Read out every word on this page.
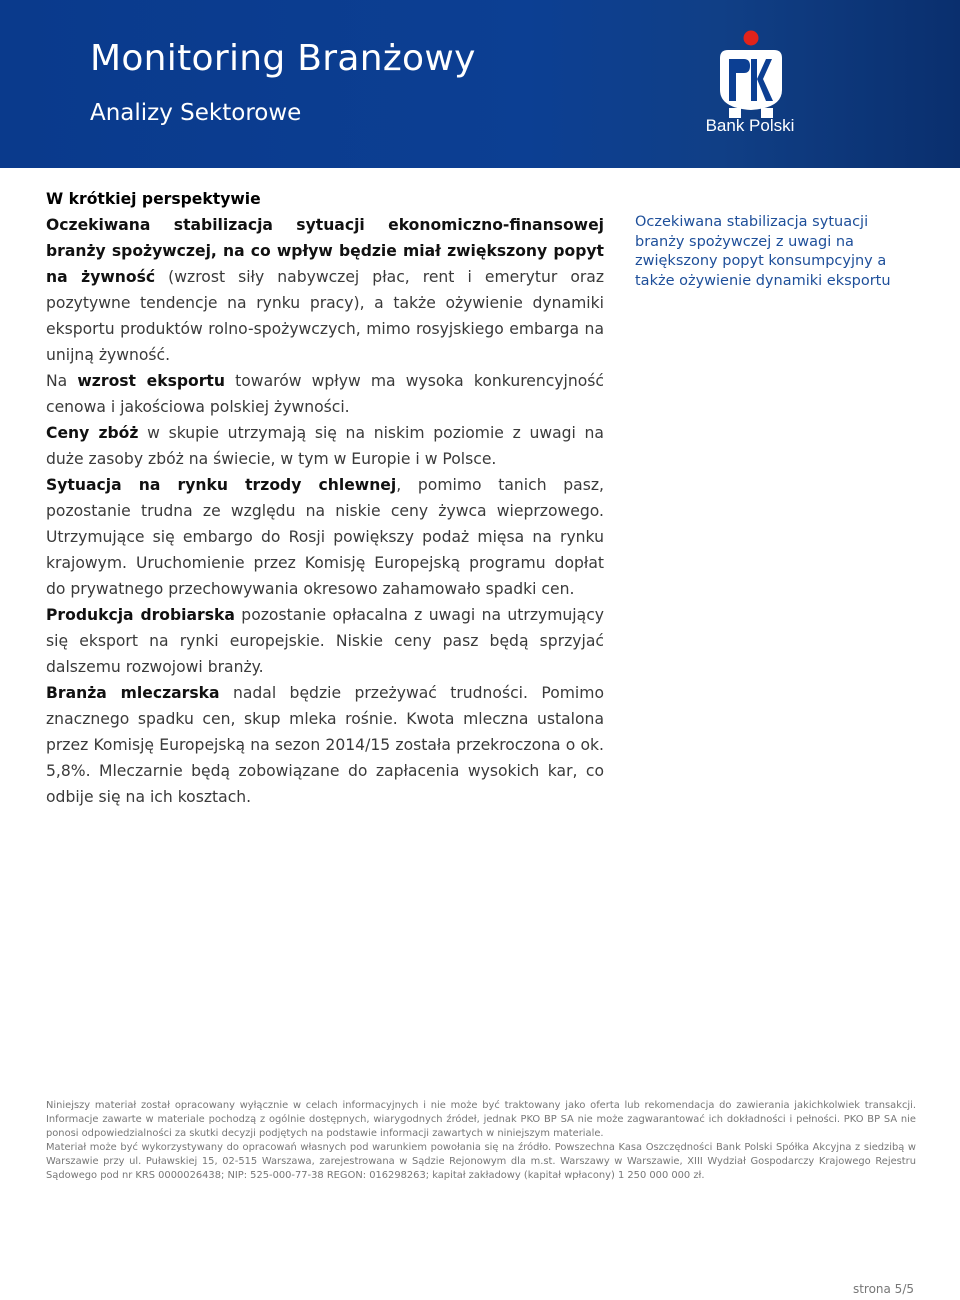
Monitoring Branżowy
Analizy Sektorowe	Bank Polski
W krótkiej perspektywie

Oczekiwana stabilizacja sytuacji ekonomiczno-finansowej branży spożywczej, na co wpływ będzie miał zwiększony popyt na żywność (wzrost siły nabywczej płac, rent i emerytur oraz pozytywne tendencje na rynku pracy), a także ożywienie dynamiki eksportu produktów rolno-spożywczych, mimo rosyjskiego embarga na unijną żywność.

Na wzrost eksportu towarów wpływ ma wysoka konkurencyjność cenowa i jakościowa polskiej żywności.

Ceny zbóż w skupie utrzymają się na niskim poziomie z uwagi na duże zasoby zbóż na świecie, w tym w Europie i w Polsce.

Sytuacja na rynku trzody chlewnej, pomimo tanich pasz, pozostanie trudna ze względu na niskie ceny żywca wieprzowego. Utrzymujące się embargo do Rosji powiększy podaż mięsa na rynku krajowym. Uruchomienie przez Komisję Europejską programu dopłat do prywatnego przechowywania okresowo zahamowało spadki cen.

Produkcja drobiarska pozostanie opłacalna z uwagi na utrzymujący się eksport na rynki europejskie. Niskie ceny pasz będą sprzyjać dalszemu rozwojowi branży.

Branża mleczarska nadal będzie przeżywać trudności. Pomimo znacznego spadku cen, skup mleka rośnie. Kwota mleczna ustalona przez Komisję Europejską na sezon 2014/15 została przekroczona o ok. 5,8%. Mleczarnie będą zobowiązane do zapłacenia wysokich kar, co odbije się na ich kosztach.

Oczekiwana stabilizacja sytuacji branży spożywczej z uwagi na zwiększony popyt konsumpcyjny a także ożywienie dynamiki eksportu

Niniejszy materiał został opracowany wyłącznie w celach informacyjnych i nie może być traktowany jako oferta lub rekomendacja do zawierania jakichkolwiek transakcji. Informacje zawarte w materiale pochodzą z ogólnie dostępnych, wiarygodnych źródeł, jednak PKO BP SA nie może zagwarantować ich dokładności i pełności. PKO BP SA nie ponosi odpowiedzialności za skutki decyzji podjętych na podstawie informacji zawartych w niniejszym materiale.

Materiał może być wykorzystywany do opracowań własnych pod warunkiem powołania się na źródło. Powszechna Kasa Oszczędności Bank Polski Spółka Akcyjna z siedzibą w Warszawie przy ul. Puławskiej 15, 02-515 Warszawa, zarejestrowana w Sądzie Rejonowym dla m.st. Warszawy w Warszawie, XIII Wydział Gospodarczy Krajowego Rejestru Sądowego pod nr KRS 0000026438; NIP: 525-000-77-38 REGON: 016298263; kapitał zakładowy (kapitał wpłacony) 1 250 000 000 zł.

strona 5/5
